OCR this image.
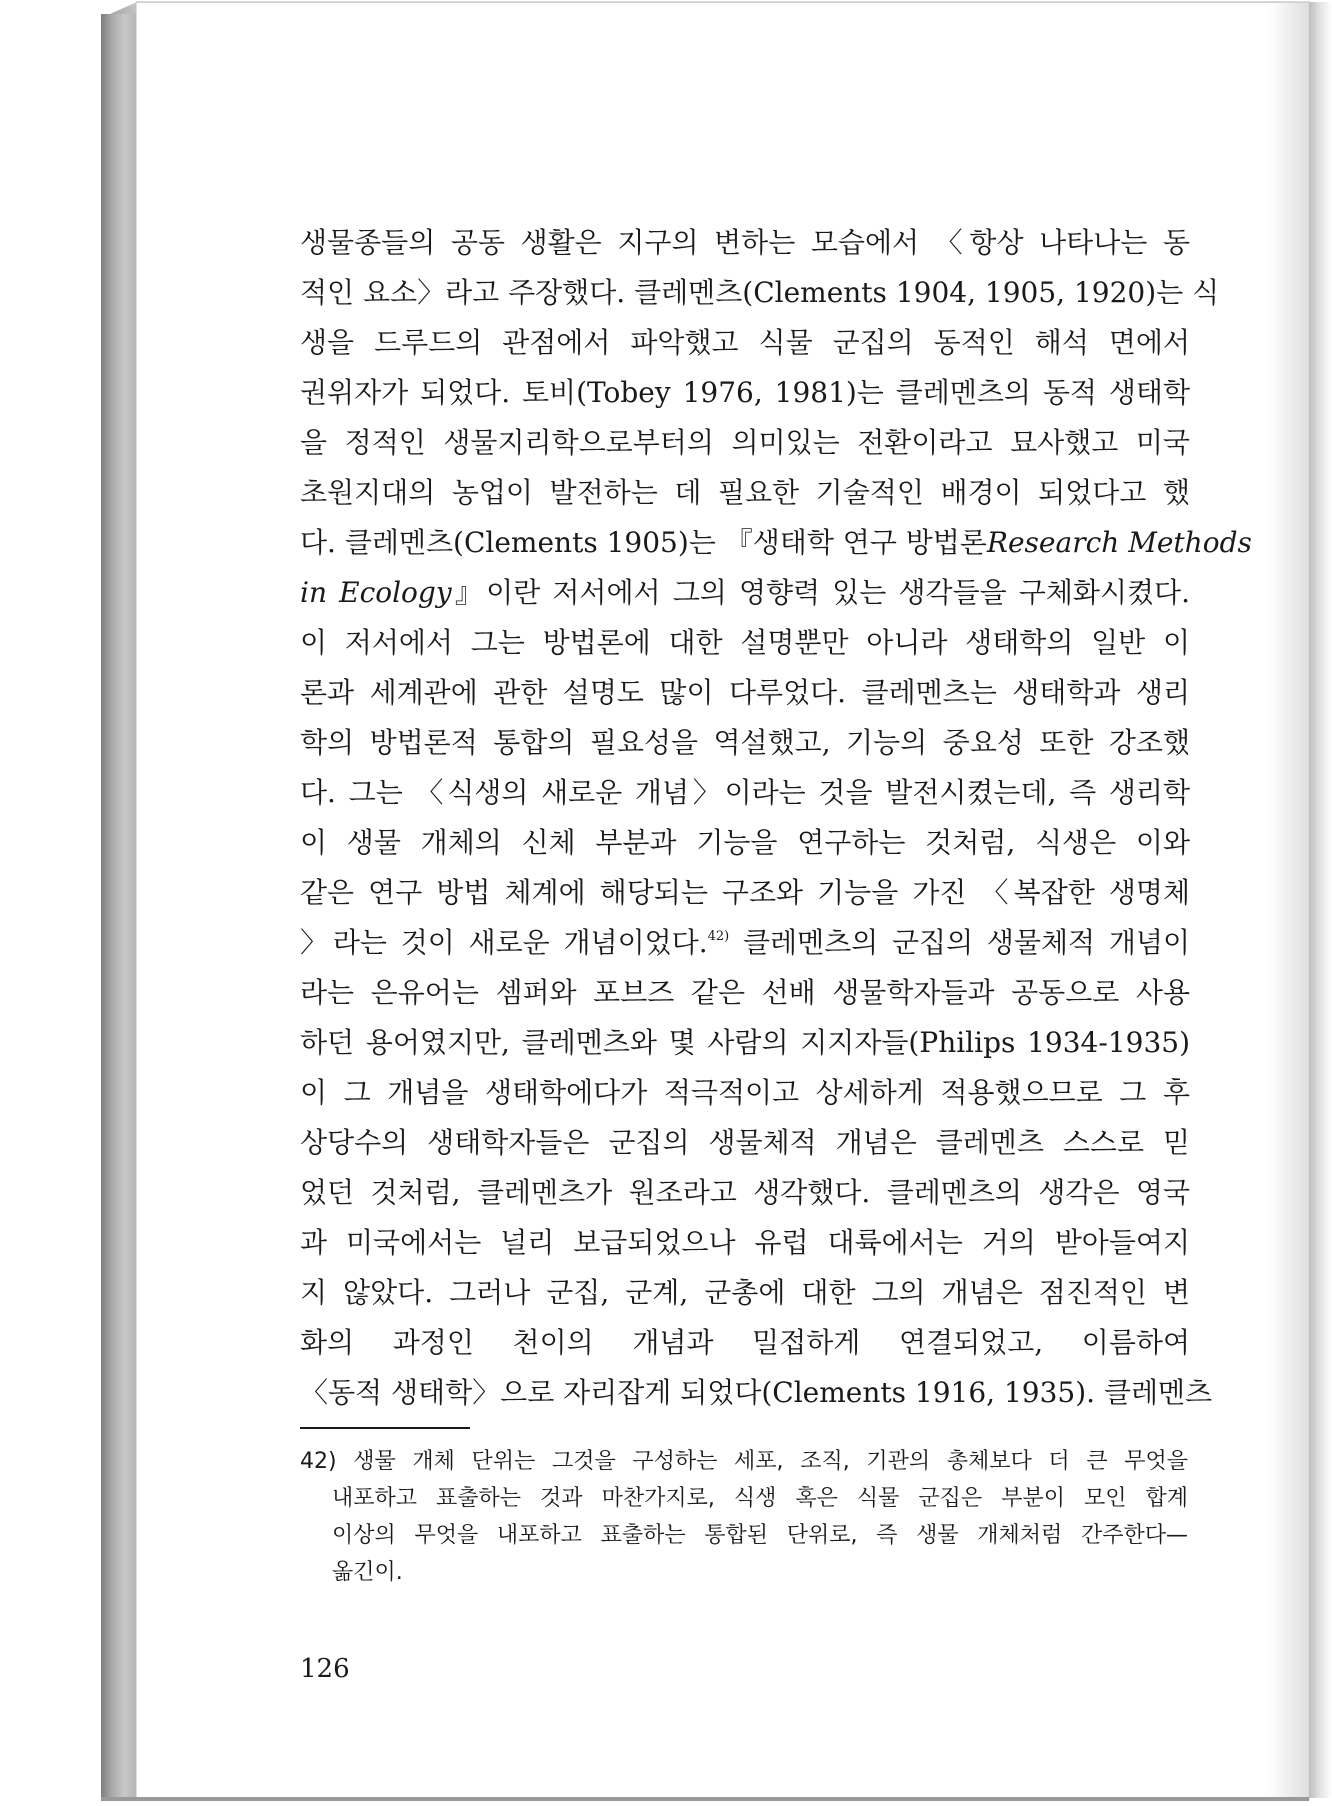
생물종들의 공동 생활은 지구의 변하는 모습에서 〈항상 나타나는 동
적인 요소〉라고 주장했다. 클레멘츠(Clements 1904, 1905, 1920)는 식
생을 드루드의 관점에서 파악했고 식물 군집의 동적인 해석 면에서
권위자가 되었다. 토비(Tobey 1976, 1981)는 클레멘츠의 동적 생태학
을 정적인 생물지리학으로부터의 의미있는 전환이라고 묘사했고 미국
초원지대의 농업이 발전하는 데 필요한 기술적인 배경이 되었다고 했
다. 클레멘츠(Clements 1905)는 『생태학 연구 방법론Research Methods
in Ecology』이란 저서에서 그의 영향력 있는 생각들을 구체화시켰다.
이 저서에서 그는 방법론에 대한 설명뿐만 아니라 생태학의 일반 이
론과 세계관에 관한 설명도 많이 다루었다. 클레멘츠는 생태학과 생리
학의 방법론적 통합의 필요성을 역설했고, 기능의 중요성 또한 강조했
다. 그는 〈식생의 새로운 개념〉이라는 것을 발전시켰는데, 즉 생리학
이 생물 개체의 신체 부분과 기능을 연구하는 것처럼, 식생은 이와
같은 연구 방법 체계에 해당되는 구조와 기능을 가진 〈복잡한 생명체
〉라는 것이 새로운 개념이었다.$^{42)}$ 클레멘츠의 군집의 생물체적 개념이
라는 은유어는 셈퍼와 포브즈 같은 선배 생물학자들과 공동으로 사용
하던 용어였지만, 클레멘츠와 몇 사람의 지지자들(Philips 1934-1935)
이 그 개념을 생태학에다가 적극적이고 상세하게 적용했으므로 그 후
상당수의 생태학자들은 군집의 생물체적 개념은 클레멘츠 스스로 믿
었던 것처럼, 클레멘츠가 원조라고 생각했다. 클레멘츠의 생각은 영국
과 미국에서는 널리 보급되었으나 유럽 대륙에서는 거의 받아들여지
지 않았다. 그러나 군집, 군계, 군총에 대한 그의 개념은 점진적인 변
화의 과정인 천이의 개념과 밀접하게 연결되었고, 이름하여
〈동적 생태학〉으로 자리잡게 되었다(Clements 1916, 1935). 클레멘츠
42) 생물 개체 단위는 그것을 구성하는 세포, 조직, 기관의 총체보다 더 큰 무엇을
내포하고 표출하는 것과 마찬가지로, 식생 혹은 식물 군집은 부분이 모인 합계
이상의 무엇을 내포하고 표출하는 통합된 단위로, 즉 생물 개체처럼 간주한다—
옮긴이.
126
